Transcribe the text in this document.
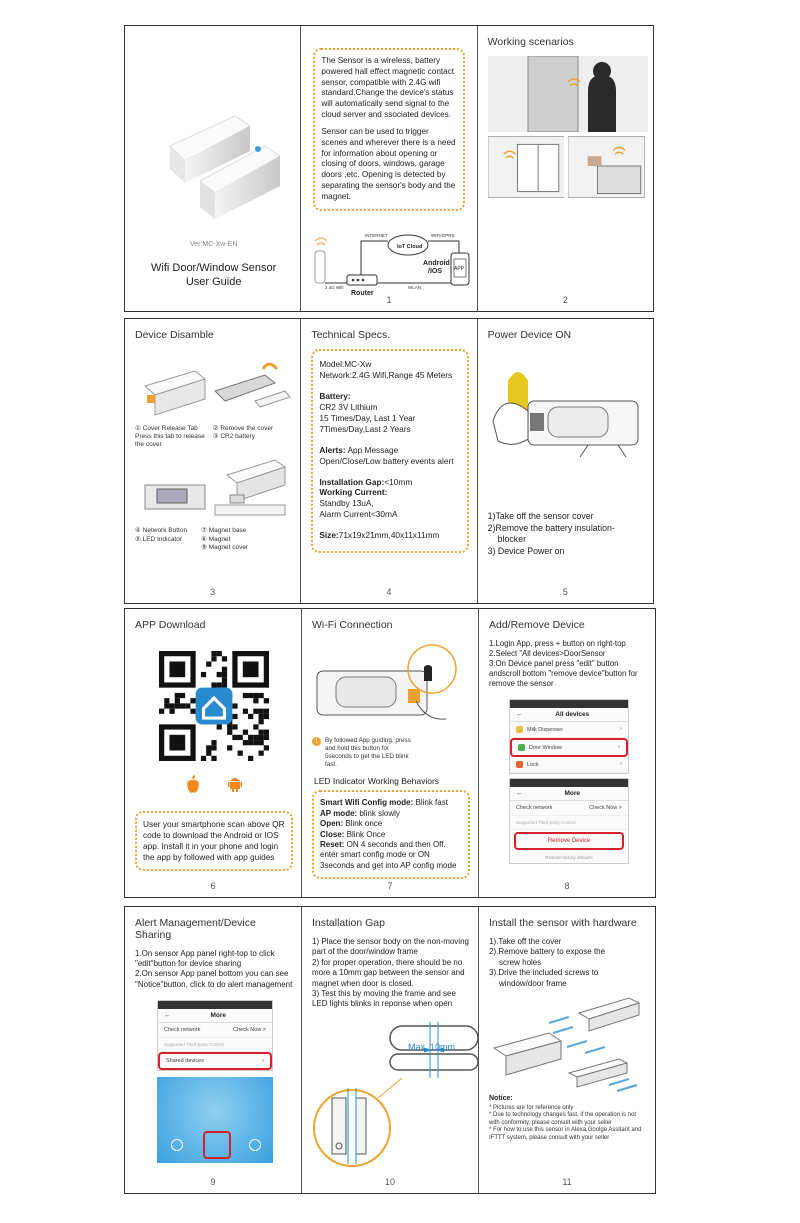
Ver:MC-Xw-EN
Wifi Door/Window Sensor
User Guide

The Sensor is a wireless, battery powered hall effect magnetic contact sensor, compatible with 2.4G wifi standard.Change the device's status will automatically send signal to the cloud server and ssociated devices.

Sensor can be used to trigger scenes and wherever there is a need for information about opening or closing of doors, windows, garage doors ,etc. Opening is detected by separating the sensor's body and the magnet.

INTERNET	WIFI/GPRS
IoT Cloud
Android
/IOS APP
Router
2.4G Wifi	WLAN
1
Working scenarios
2
Device Disamble
① Cover Release Tab
Press this tab to release
the cover
② Remove the cover
③ CR2 battery
④ Network Button
⑤ LED Indicator
⑦ Magnet base
⑥ Magnet
⑨ Magnet cover
3
Technical Specs.
Model:MC-Xw
Network:2.4G Wifi,Range 45 Meters
Battery:
CR2 3V Lithium
15 Times/Day, Last 1 Year
7Times/Day,Last 2 Years
Alerts: App Message
Open/Close/Low battery events alert
Installation Gap:<10mm
Working Current:
Standby 13uA,
Alarm Current<30mA
Size:71x19x21mm,40x11x11mm
4
Power Device ON
1)Take off the sensor cover
2)Remove the battery insulation-
blocker
3) Device Power on
5
APP Download
User your smartphone scan above QR code to download the Android or IOS app. Install it in your phone and login the app by followed with app guides
6
Wi-Fi Connection
!	By followed App guiding, press and hold this button for 5seconds to get the LED blink fast.
LED Indicator Working Behaviors
Smart Wifi Config mode: Blink fast
AP mode: blink slowly
Open: Blink once
Close: Blink Once
Reset: ON 4 seconds and then Off. enter smart config mode or ON 3seconds and get into AP config mode
7
Add/Remove Device
1.Login App, press + button on right-top
2.Select "All devices>DoorSensor
3.On Device panel press "edit" button andscroll bottom "remove device"button for remove the sensor
←	All devices
Milk Dispenser	›
Door Window	›
Lock	›
←	More
Check network	Check Now >
Supported Third-party Control
Remove Device
Restore factory defaults
8
Alert Management/Device Sharing
1.On sensor App panel right-top to click "edit"button for device sharing
2.On sensor App panel bottom you can see "Notice"button, click to do alert management
←	More
Check network	Check Now >
Supported Third-party Control
Shared devices	›
9
Installation Gap
1) Place the sensor body on the non-moving part of the door/window frame
2) for proper operation, there should be no more a 10mm gap between the sensor and magnet when door is closed.
3) Test this by moving the frame and see LED lights blinks in reponse when open
Max. 10mm
10
Install the sensor with hardware
1).Take off the cover
2).Remove battery to expose the
screw holes
3).Drive the included screws to
window/door frame
Notice:
* Pictures are for reference only
* Due to technology changes fast, if the operation is not with conformity, please consult with your seller
* For how to use this sensor in Alexa,Goolge Assitant and IFTTT system, please consult with your seller
11
